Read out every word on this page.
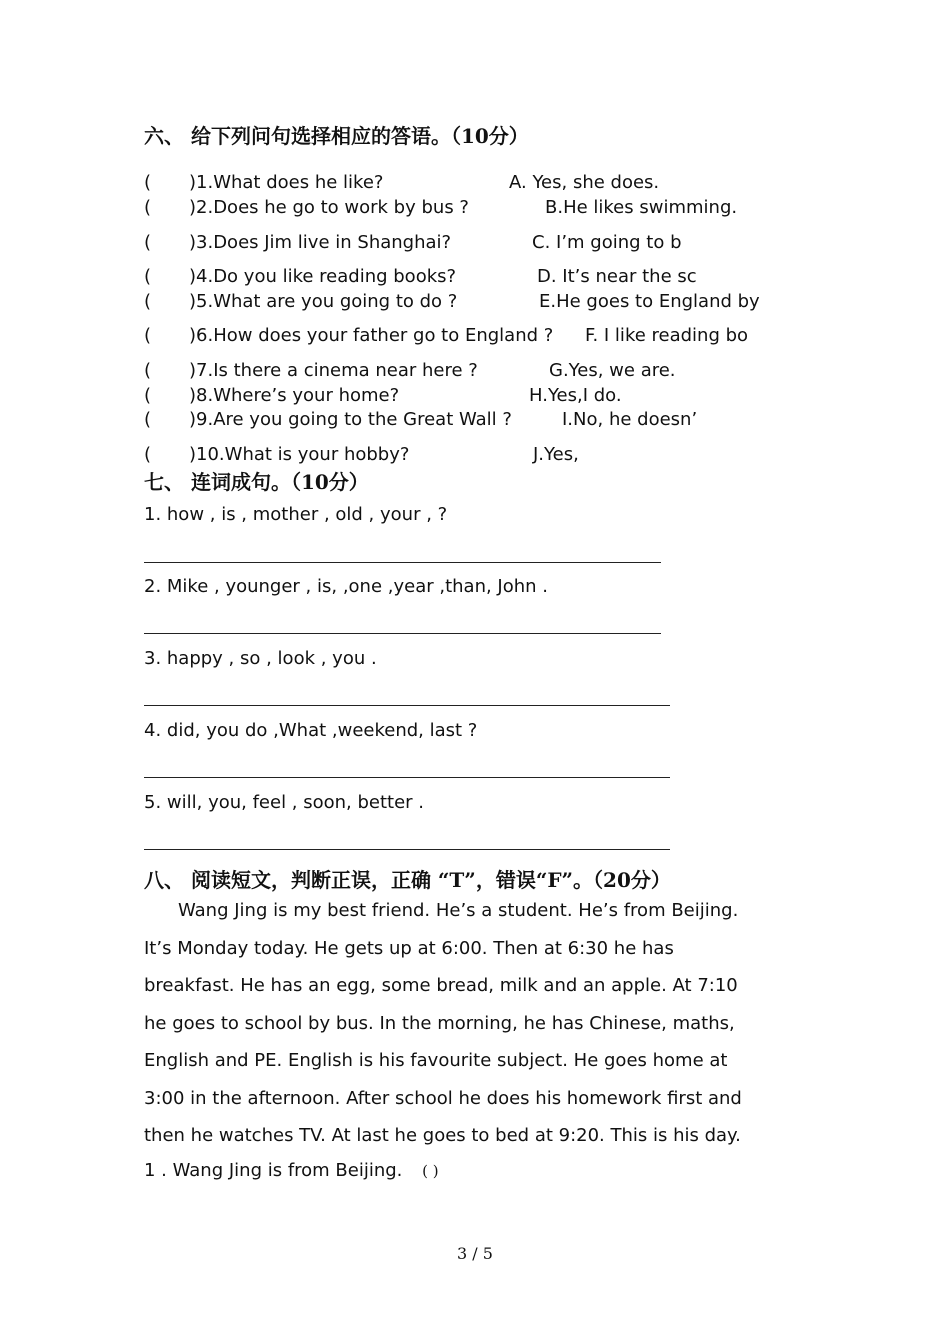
六、 给下列问句选择相应的答语。（10分）
( )1.What does he like?	A. Yes, she does.
( )2.Does he go to work by bus ?	B.He likes swimming.
( )3.Does Jim live in Shanghai?	C. I’m going to b
( )4.Do you like reading books?	D. It’s near the sc
( )5.What are you going to do ?	E.He goes to England by
( )6.How does your father go to England ? F. I like reading bo
( )7.Is there a cinema near here ?	G.Yes, we are.
( )8.Where’s your home?	H.Yes,I do.
( )9.Are you going to the Great Wall ?	I.No, he doesn’
( )10.What is your hobby?	J.Yes,
七、 连词成句。（10分）
1. how , is , mother , old , your , ?
2. Mike , younger , is, ,one ,year ,than, John .
3. happy , so , look , you .
4. did, you do ,What ,weekend, last ?
5. will, you, feel , soon, better .
八、 阅读短文，判断正误，正确 “T”，错误“F”。（20分）
Wang Jing is my best friend. He’s a student. He’s from Beijing.
It’s Monday today. He gets up at 6:00. Then at 6:30 he has
breakfast. He has an egg, some bread, milk and an apple. At 7:10
he goes to school by bus. In the morning, he has Chinese, maths,
English and PE. English is his favourite subject. He goes home at
3:00 in the afternoon. After school he does his homework first and
then he watches TV. At last he goes to bed at 9:20. This is his day.
1 . Wang Jing is from Beijing. ( )
3 / 5
